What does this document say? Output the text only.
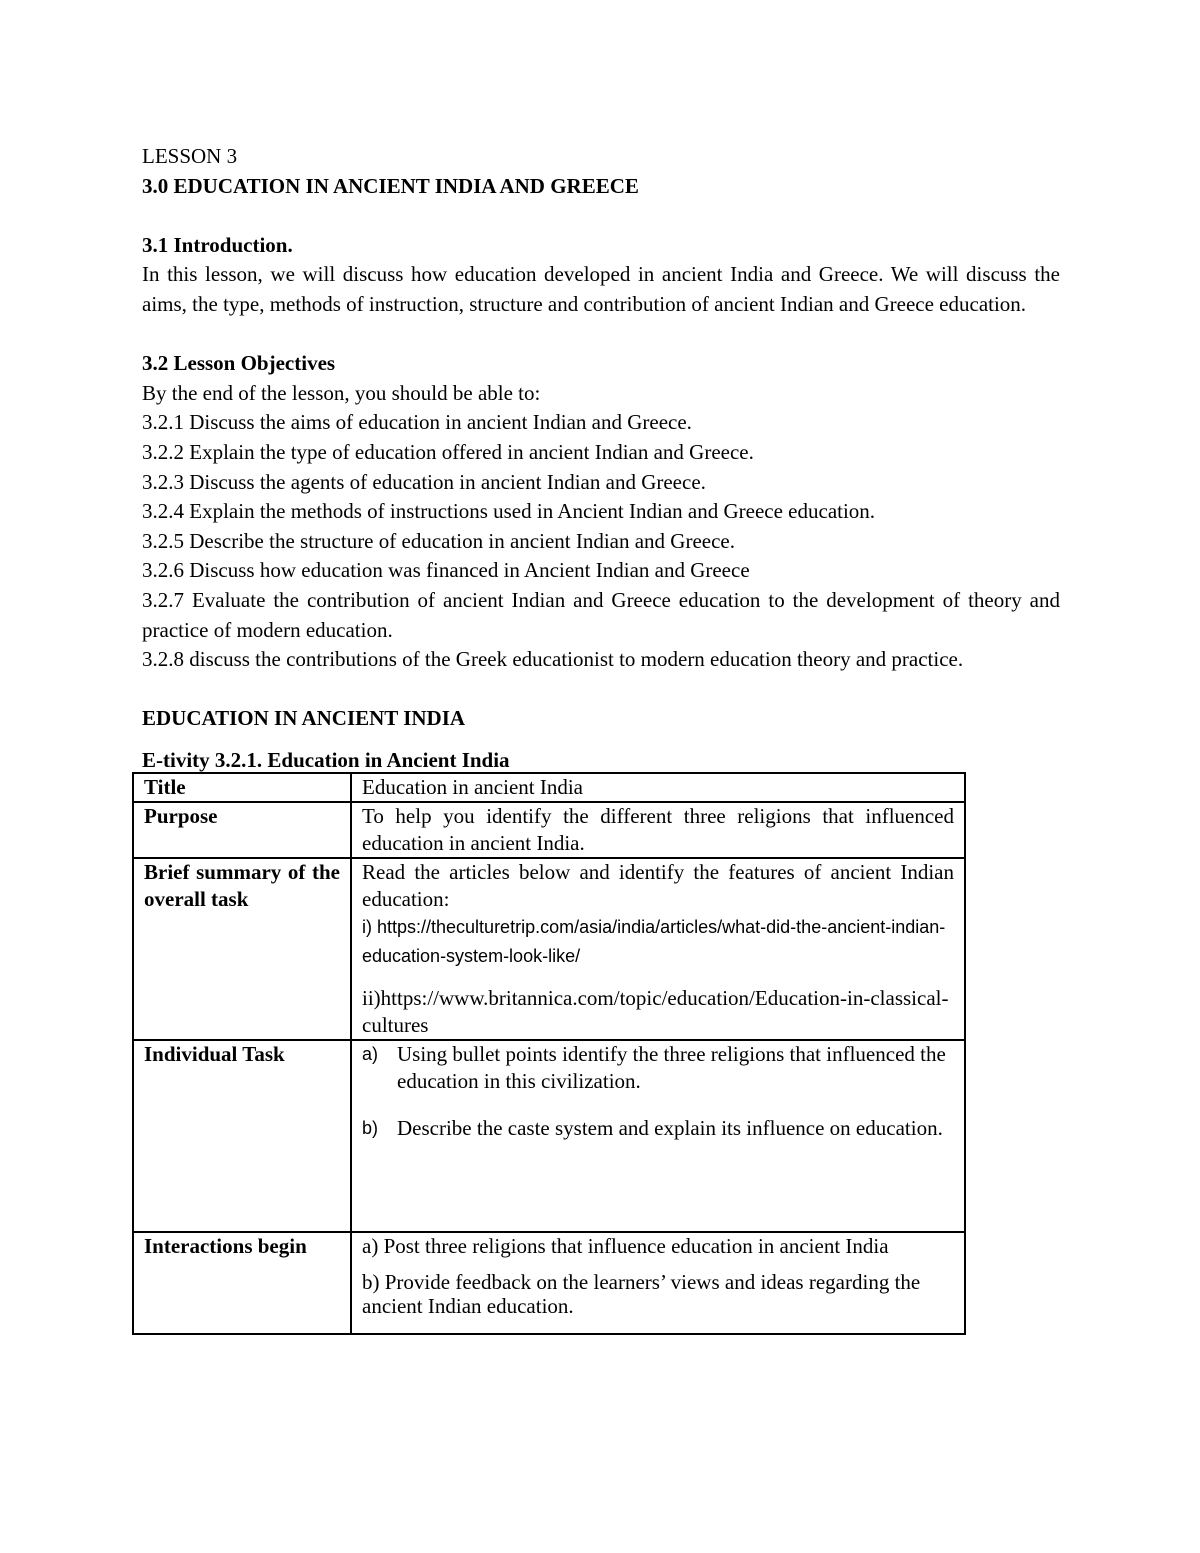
LESSON 3

3.0 EDUCATION IN ANCIENT INDIA AND GREECE

3.1 Introduction.

In this lesson, we will discuss how education developed in ancient India and Greece. We will discuss the aims, the type, methods of instruction, structure and contribution of ancient Indian and Greece education.

3.2 Lesson Objectives

By the end of the lesson, you should be able to:

3.2.1 Discuss the aims of education in ancient Indian and Greece.

3.2.2 Explain the type of education offered in ancient Indian and Greece.

3.2.3 Discuss the agents of education in ancient Indian and Greece.

3.2.4 Explain the methods of instructions used in Ancient Indian and Greece education.

3.2.5 Describe the structure of education in ancient Indian and Greece.

3.2.6 Discuss how education was financed in Ancient Indian and Greece

3.2.7 Evaluate the contribution of ancient Indian and Greece education to the development of theory and practice of modern education.

3.2.8 discuss the contributions of the Greek educationist to modern education theory and practice.

EDUCATION IN ANCIENT INDIA

E-tivity 3.2.1. Education in Ancient India

Title	Education in ancient India
Purpose	To help you identify the different three religions that influenced education in ancient India.
Brief summary of the overall task	Read the articles below and identify the features of ancient Indian education:
i) https://theculturetrip.com/asia/india/articles/what-did-the-ancient-indian-education-system-look-like/
ii)https://www.britannica.com/topic/education/Education-in-classical-cultures

Individual Task	a) Using bullet points identify the three religions that influenced the education in this civilization.
b) Describe the caste system and explain its influence on education.

Interactions begin	a) Post three religions that influence education in ancient India
b) Provide feedback on the learners’ views and ideas regarding the ancient Indian education.
